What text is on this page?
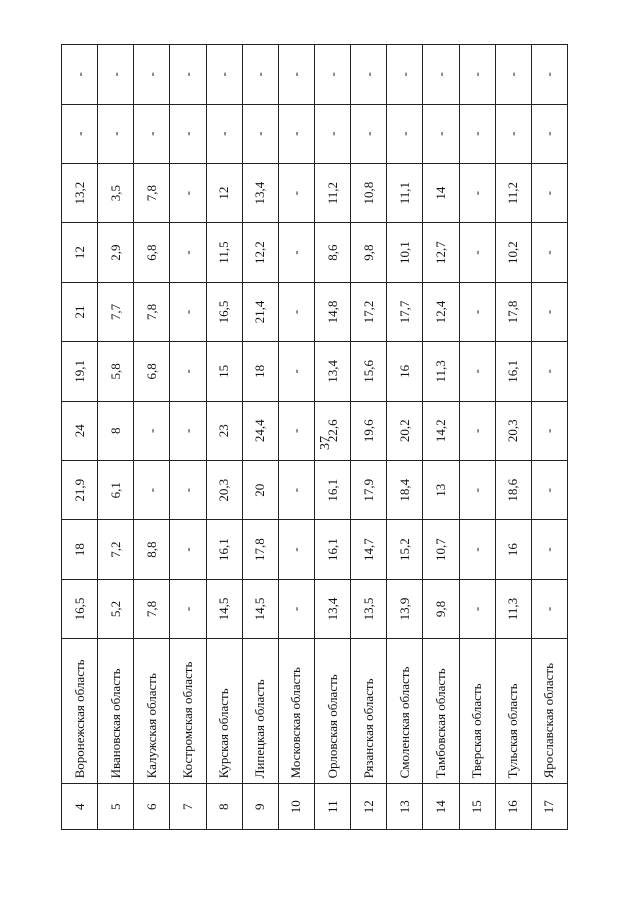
37
4	Воронежская область	16,5	18	21,9	24	19,1	21	12	13,2	-	-
5	Ивановская область	5,2	7,2	6,1	8	5,8	7,7	2,9	3,5	-	-
6	Калужская область	7,8	8,8	-	-	6,8	7,8	6,8	7,8	-	-
7	Костромская область	-	-	-	-	-	-	-	-	-	-
8	Курская область	14,5	16,1	20,3	23	15	16,5	11,5	12	-	-
9	Липецкая область	14,5	17,8	20	24,4	18	21,4	12,2	13,4	-	-
10	Московская область	-	-	-	-	-	-	-	-	-	-
11	Орловская область	13,4	16,1	16,1	22,6	13,4	14,8	8,6	11,2	-	-
12	Рязанская область	13,5	14,7	17,9	19,6	15,6	17,2	9,8	10,8	-	-
13	Смоленская область	13,9	15,2	18,4	20,2	16	17,7	10,1	11,1	-	-
14	Тамбовская область	9,8	10,7	13	14,2	11,3	12,4	12,7	14	-	-
15	Тверская область	-	-	-	-	-	-	-	-	-	-
16	Тульская область	11,3	16	18,6	20,3	16,1	17,8	10,2	11,2	-	-
17	Ярославская область	-	-	-	-	-	-	-	-	-	-
